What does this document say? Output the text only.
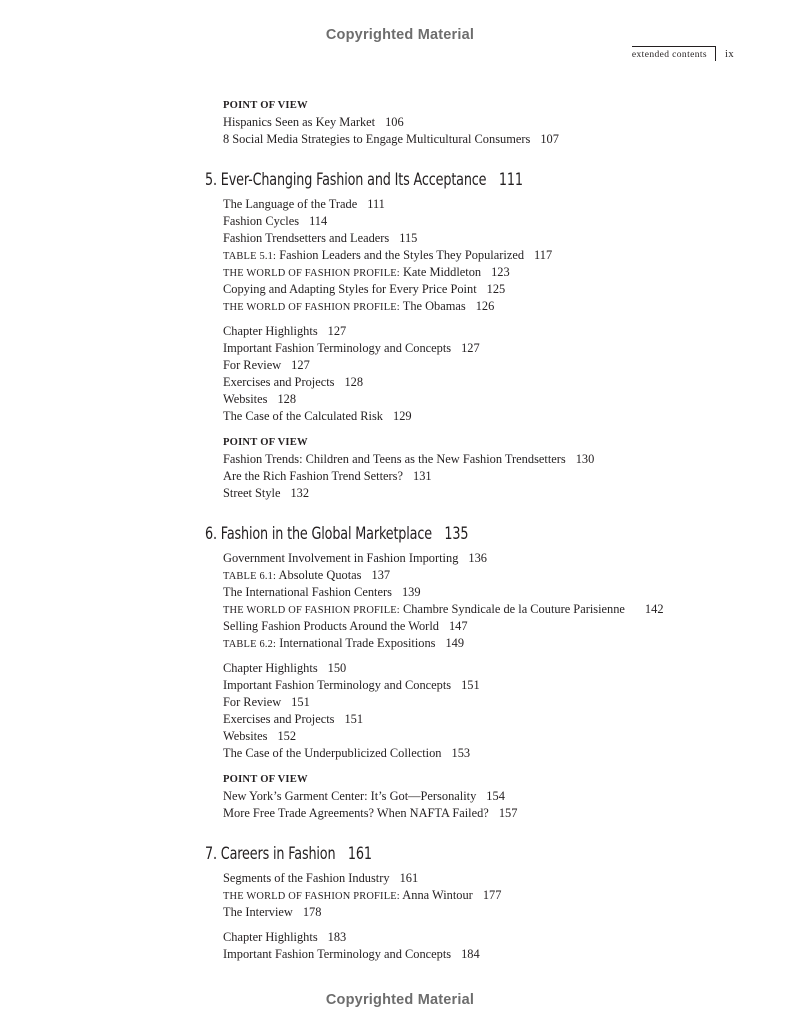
Copyrighted Material
extended contents	ix
POINT OF VIEW
Hispanics Seen as Key Market 106
8 Social Media Strategies to Engage Multicultural Consumers 107
5. Ever-Changing Fashion and Its Acceptance 111
The Language of the Trade 111
Fashion Cycles 114
Fashion Trendsetters and Leaders 115
TABLE 5.1: Fashion Leaders and the Styles They Popularized 117
THE WORLD OF FASHION PROFILE: Kate Middleton 123
Copying and Adapting Styles for Every Price Point 125
THE WORLD OF FASHION PROFILE: The Obamas 126
Chapter Highlights 127
Important Fashion Terminology and Concepts 127
For Review 127
Exercises and Projects 128
Websites 128
The Case of the Calculated Risk 129
POINT OF VIEW
Fashion Trends: Children and Teens as the New Fashion Trendsetters 130
Are the Rich Fashion Trend Setters? 131
Street Style 132
6. Fashion in the Global Marketplace 135
Government Involvement in Fashion Importing 136
TABLE 6.1: Absolute Quotas 137
The International Fashion Centers 139
THE WORLD OF FASHION PROFILE: Chambre Syndicale de la Couture Parisienne 142
Selling Fashion Products Around the World 147
TABLE 6.2: International Trade Expositions 149
Chapter Highlights 150
Important Fashion Terminology and Concepts 151
For Review 151
Exercises and Projects 151
Websites 152
The Case of the Underpublicized Collection 153
POINT OF VIEW
New York’s Garment Center: It’s Got—Personality 154
More Free Trade Agreements? When NAFTA Failed? 157
7. Careers in Fashion 161
Segments of the Fashion Industry 161
THE WORLD OF FASHION PROFILE: Anna Wintour 177
The Interview 178
Chapter Highlights 183
Important Fashion Terminology and Concepts 184
Copyrighted Material
